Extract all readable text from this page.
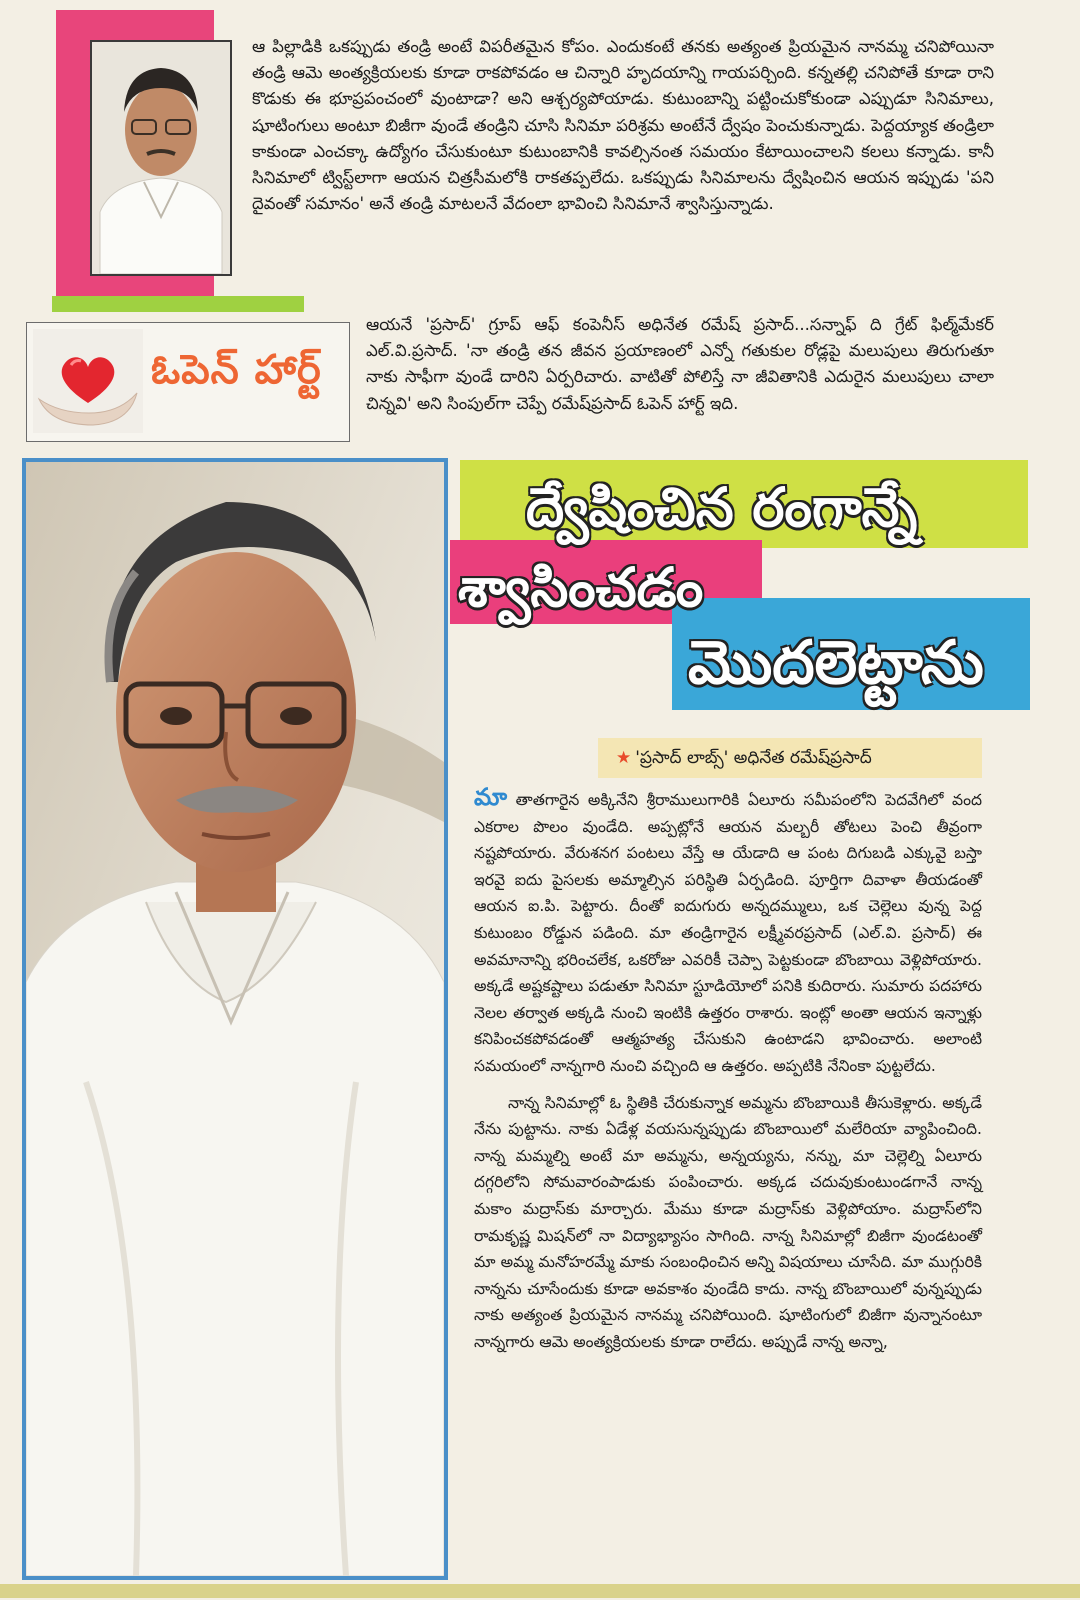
ఆ పిల్లాడికి ఒకప్పుడు తండ్రి అంటే విపరీతమైన కోపం. ఎందుకంటే తనకు అత్యంత ప్రియమైన నానమ్మ చనిపోయినా తండ్రి ఆమె అంత్యక్రియలకు కూడా రాకపోవడం ఆ చిన్నారి హృదయాన్ని గాయపర్చింది. కన్నతల్లి చనిపోతే కూడా రాని కొడుకు ఈ భూప్రపంచంలో వుంటాడా? అని ఆశ్చర్యపోయాడు. కుటుంబాన్ని పట్టించుకోకుండా ఎప్పుడూ సినిమాలు, షూటింగులు అంటూ బిజీగా వుండే తండ్రిని చూసి సినిమా పరిశ్రమ అంటేనే ద్వేషం పెంచుకున్నాడు. పెద్దయ్యాక తండ్రిలా కాకుండా ఎంచక్కా ఉద్యోగం చేసుకుంటూ కుటుంబానికి కావల్సినంత సమయం కేటాయించాలని కలలు కన్నాడు. కానీ సినిమాలో ట్విస్ట్‌లాగా ఆయన చిత్రసీమలోకి రాకతప్పలేదు. ఒకప్పుడు సినిమాలను ద్వేషించిన ఆయన ఇప్పుడు 'పని దైవంతో సమానం' అనే తండ్రి మాటలనే వేదంలా భావించి సినిమానే శ్వాసిస్తున్నాడు.

ఆయనే 'ప్రసాద్' గ్రూప్ ఆఫ్ కంపెనీస్ అధినేత రమేష్ ప్రసాద్...సన్నాఫ్ ది గ్రేట్ ఫిల్మ్‌మేకర్ ఎల్.వి.ప్రసాద్. 'నా తండ్రి తన జీవన ప్రయాణంలో ఎన్నో గతుకుల రోడ్లపై మలుపులు తిరుగుతూ నాకు సాఫీగా వుండే దారిని ఏర్పరిచారు. వాటితో పోలిస్తే నా జీవితానికి ఎదురైన మలుపులు చాలా చిన్నవి' అని సింపుల్‌గా చెప్పే రమేష్‌ప్రసాద్ ఓపెన్ హార్ట్ ఇది.

ఓపెన్ హార్ట్
ద్వేషించిన రంగాన్నే
శ్వాసించడం
మొదలెట్టాను
★ 'ప్రసాద్ లాబ్స్' అధినేత రమేష్‌ప్రసాద్

మా తాతగారైన అక్కినేని శ్రీరాములుగారికి ఏలూరు సమీపంలోని పెదవేగిలో వంద ఎకరాల పొలం వుండేది. అప్పట్లోనే ఆయన మల్బరీ తోటలు పెంచి తీవ్రంగా నష్టపోయారు. వేరుశనగ పంటలు వేస్తే ఆ యేడాది ఆ పంట దిగుబడి ఎక్కువై బస్తా ఇరవై ఐదు పైసలకు అమ్మాల్సిన పరిస్థితి ఏర్పడింది. పూర్తిగా దివాళా తీయడంతో ఆయన ఐ.పి. పెట్టారు. దీంతో ఐదుగురు అన్నదమ్ములు, ఒక చెల్లెలు వున్న పెద్ద కుటుంబం రోడ్డున పడింది. మా తండ్రిగారైన లక్ష్మీవరప్రసాద్ (ఎల్.వి. ప్రసాద్) ఈ అవమానాన్ని భరించలేక, ఒకరోజు ఎవరికీ చెప్పా పెట్టకుండా బొంబాయి వెళ్లిపోయారు. అక్కడే అష్టకష్టాలు పడుతూ సినిమా స్టూడియోలో పనికి కుదిరారు. సుమారు పదహారు నెలల తర్వాత అక్కడి నుంచి ఇంటికి ఉత్తరం రాశారు. ఇంట్లో అంతా ఆయన ఇన్నాళ్లు కనిపించకపోవడంతో ఆత్మహత్య చేసుకుని ఉంటాడని భావించారు. అలాంటి సమయంలో నాన్నగారి నుంచి వచ్చింది ఆ ఉత్తరం. అప్పటికి నేనింకా పుట్టలేదు.

నాన్న సినిమాల్లో ఓ స్థితికి చేరుకున్నాక అమ్మను బొంబాయికి తీసుకెళ్లారు. అక్కడే నేను పుట్టాను. నాకు ఏడేళ్ల వయసున్నప్పుడు బొంబాయిలో మలేరియా వ్యాపించింది. నాన్న మమ్మల్ని అంటే మా అమ్మను, అన్నయ్యను, నన్ను, మా చెల్లెల్ని ఏలూరు దగ్గరిలోని సోమవారంపాడుకు పంపించారు. అక్కడ చదువుకుంటుండగానే నాన్న మకాం మద్రాస్‌కు మార్చారు. మేము కూడా మద్రాస్‌కు వెళ్లిపోయాం. మద్రాస్‌లోని రామకృష్ణ మిషన్‌లో నా విద్యాభ్యాసం సాగింది. నాన్న సినిమాల్లో బిజీగా వుండటంతో మా అమ్మ మనోహరమ్మే మాకు సంబంధించిన అన్ని విషయాలు చూసేది. మా ముగ్గురికి నాన్నను చూసేందుకు కూడా అవకాశం వుండేది కాదు. నాన్న బొంబాయిలో వున్నప్పుడు నాకు అత్యంత ప్రియమైన నానమ్మ చనిపోయింది. షూటింగులో బిజీగా వున్నానంటూ నాన్నగారు ఆమె అంత్యక్రియలకు కూడా రాలేదు. అప్పుడే నాన్న అన్నా,
